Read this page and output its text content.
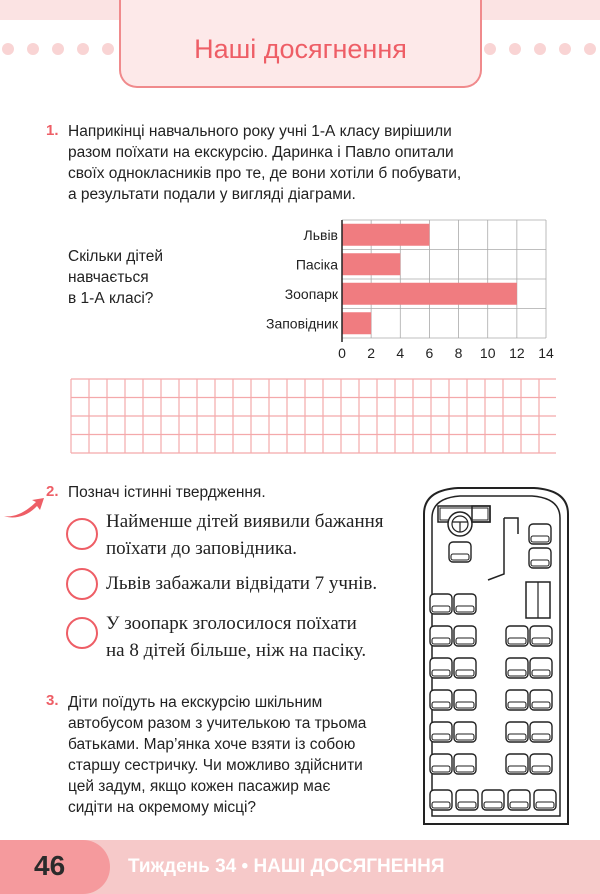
Наші досягнення
1. Наприкінці навчального року учні 1-А класу вирішили
разом поїхати на екскурсію. Даринка і Павло опитали
своїх однокласників про те, де вони хотіли б побувати,
а результати подали у вигляді діаграми.
Скільки дітей
навчається
в 1-А класі?
Львів
Пасіка
Зоопарк
Заповідник
0 2 4 6 8 10 12 14
2. Познач істинні твердження.
Найменше дітей виявили бажання
поїхати до заповідника.
Львів забажали відвідати 7 учнів.
У зоопарк зголосилося поїхати
на 8 дітей більше, ніж на пасіку.
3. Діти поїдуть на екскурсію шкільним
автобусом разом з учителькою та трьома
батьками. Мар’янка хоче взяти із собою
старшу сестричку. Чи можливо здійснити
цей задум, якщо кожен пасажир має
сидіти на окремому місці?
46	Тиждень 34 • НАШІ ДОСЯГНЕННЯ
